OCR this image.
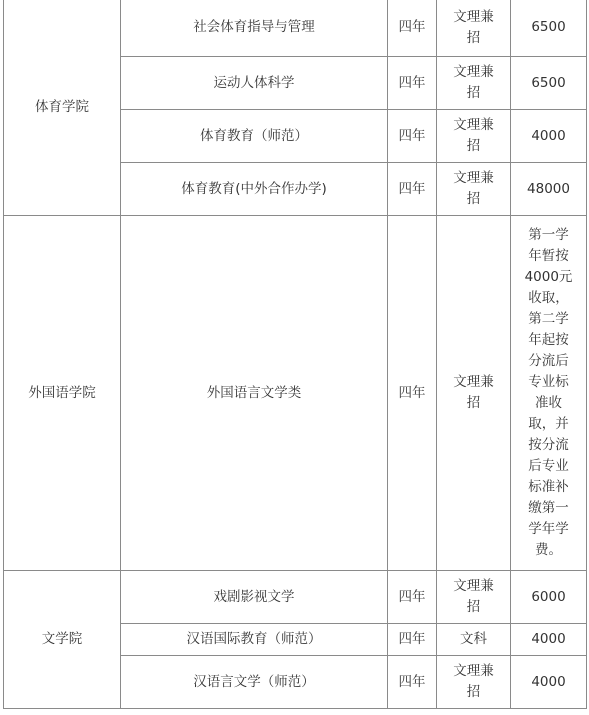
体育学院	社会体育指导与管理	四年	文理兼招	6500
	运动人体科学	四年	文理兼招	6500
	体育教育（师范）	四年	文理兼招	4000
	体育教育(中外合作办学)	四年	文理兼招	48000
外国语学院	外国语言文学类	四年	文理兼招	第一学年暂按4000元收取，第二学年起按分流后专业标准收取，并按分流后专业标准补缴第一学年学费。

文学院	戏剧影视文学	四年	文理兼招	6000
	汉语国际教育（师范）	四年	文科	4000
	汉语言文学（师范）	四年	文理兼招	4000
